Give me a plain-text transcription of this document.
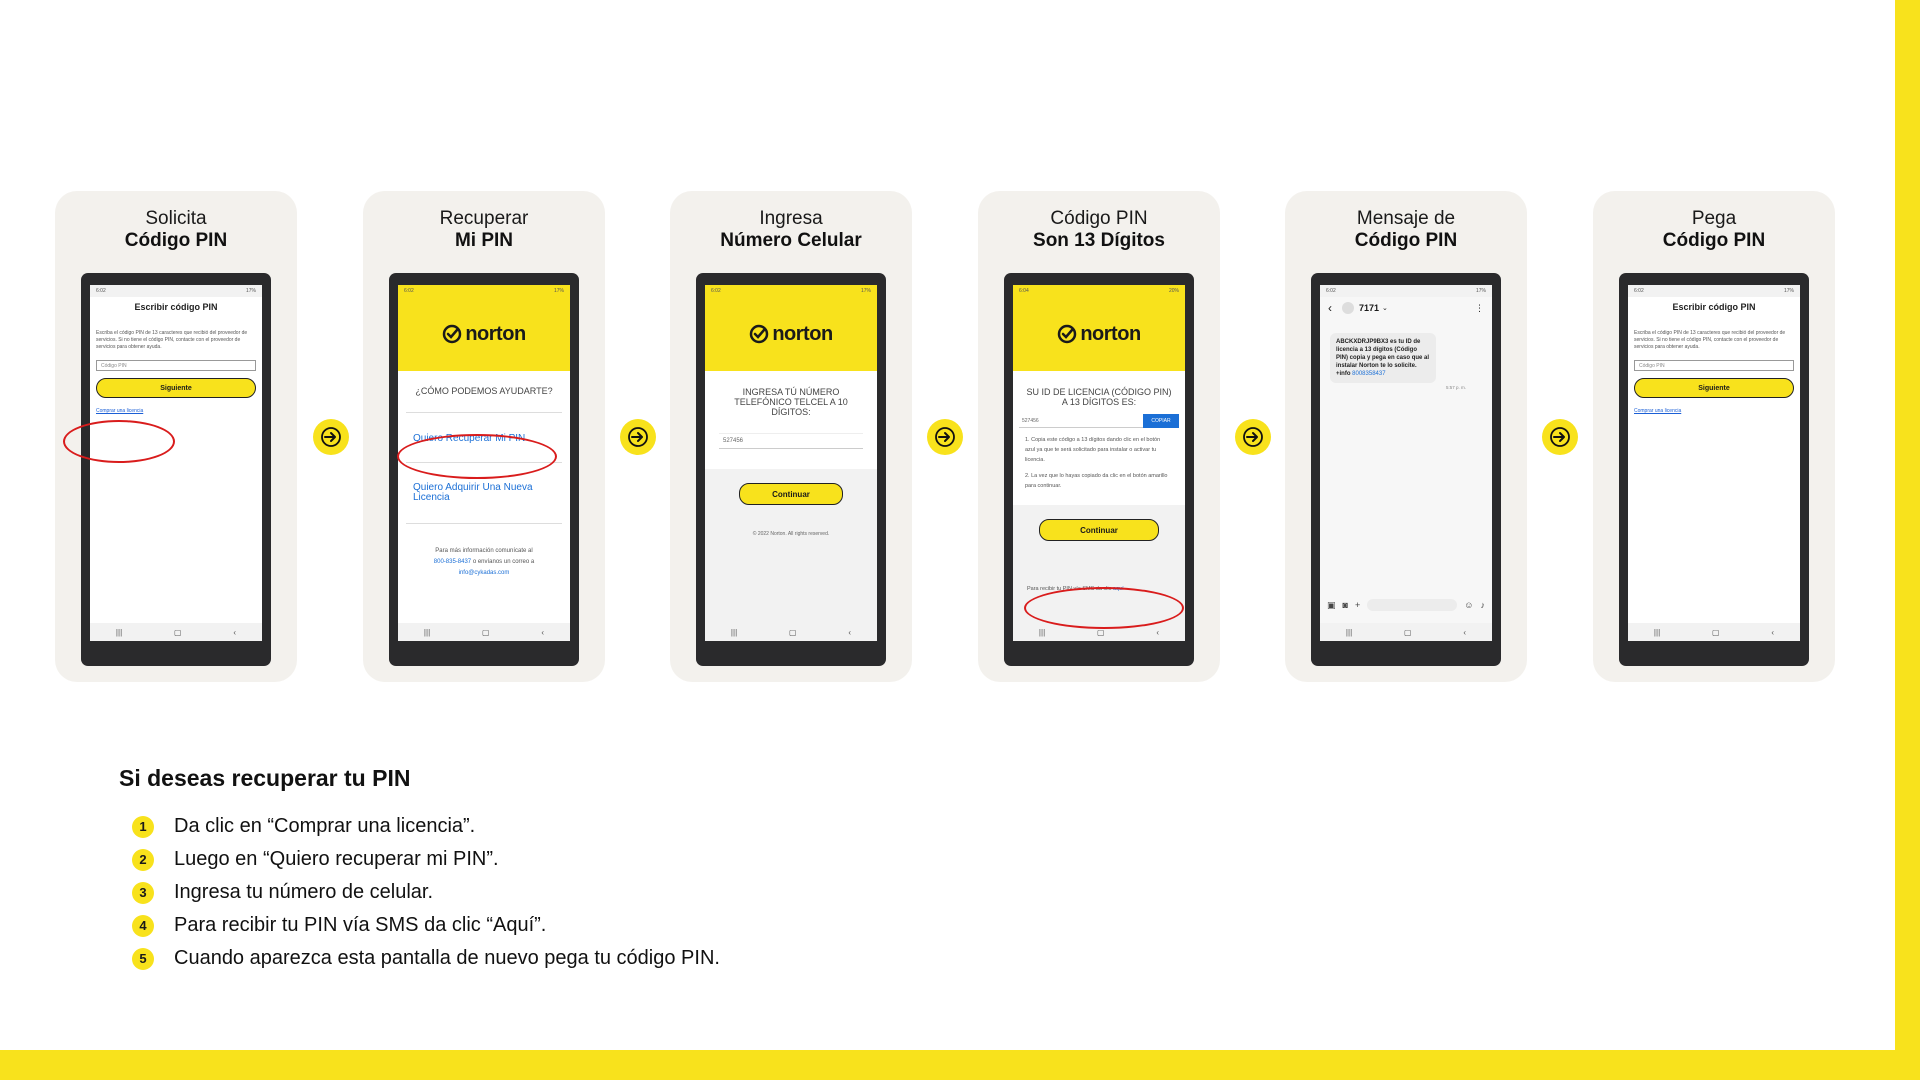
Solicita
Código PIN
6:02	17%
Escribir código PIN
Escriba el código PIN de 13 caracteres que recibió del proveedor de servicios. Si no tiene el código PIN, contacte con el proveedor de servicios para obtener ayuda.
Código PIN
Siguiente
Comprar una licencia
|||	▢	‹
Recuperar
Mi PIN
6:02	17%
norton
¿CÓMO PODEMOS AYUDARTE?
Quiero Recuperar Mi PIN
Quiero Adquirir Una Nueva Licencia
Para más información comunícate al
800-835-8437 o envíanos un correo a
info@cykadas.com
|||	▢	‹
Ingresa
Número Celular
6:02	17%
norton
INGRESA TÚ NÚMERO TELEFÓNICO TELCEL A 10 DÍGITOS:
527456
Continuar
© 2022 Norton. All rights reserved.
|||	▢	‹
Código PIN
Son 13 Dígitos
6:04	20%
norton
SU ID DE LICENCIA (CÓDIGO PIN) A 13 DÍGITOS ES:
527456	COPIAR
1. Copia este código a 13 dígitos dando clic en el botón azul ya que te será solicitado para instalar o activar tu licencia.
2. La vez que lo hayas copiado da clic en el botón amarillo para continuar.
Continuar
Para recibir tu PIN vía SMS da clic aquí
|||	▢	‹
Mensaje de
Código PIN
6:02	17%
‹	7171 ⌄	⋮
ABCKXDRJP9BX3 es tu ID de licencia a 13 dígitos (Código PIN) copia y pega en caso que al instalar Norton te lo solicite. +info 8008358437
5:57 p. m.
▣ ◙ +	☺ ♪
|||	▢	‹
Pega
Código PIN
6:02	17%
Escribir código PIN
Escriba el código PIN de 13 caracteres que recibió del proveedor de servicios. Si no tiene el código PIN, contacte con el proveedor de servicios para obtener ayuda.
Código PIN
Siguiente
Comprar una licencia
|||	▢	‹
Si deseas recuperar tu PIN
1	Da clic en “Comprar una licencia”.
2	Luego en “Quiero recuperar mi PIN”.
3	Ingresa tu número de celular.
4	Para recibir tu PIN vía SMS da clic “Aquí”.
5	Cuando aparezca esta pantalla de nuevo pega tu código PIN.
